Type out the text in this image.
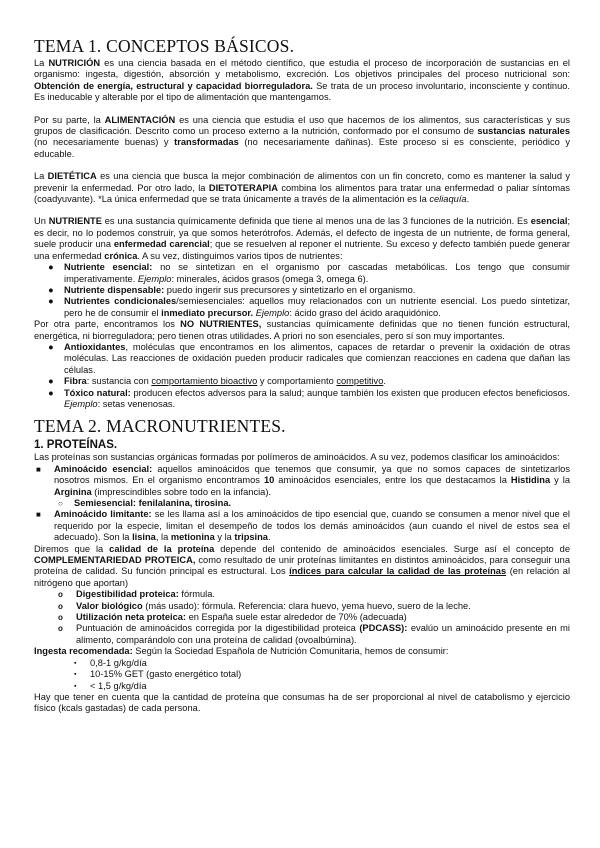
TEMA 1. CONCEPTOS BÁSICOS.

La NUTRICIÓN es una ciencia basada en el método científico, que estudia el proceso de incorporación de sustancias en el organismo: ingesta, digestión, absorción y metabolismo, excreción. Los objetivos principales del proceso nutricional son: Obtención de energía, estructural y capacidad biorreguladora. Se trata de un proceso involuntario, inconsciente y continuo. Es ineducable y alterable por el tipo de alimentación que mantengamos.

Por su parte, la ALIMENTACIÓN es una ciencia que estudia el uso que hacemos de los alimentos, sus características y sus grupos de clasificación. Descrito como un proceso externo a la nutrición, conformado por el consumo de sustancias naturales (no necesariamente buenas) y transformadas (no necesariamente dañinas). Este proceso si es consciente, periódico y educable.

La DIETÉTICA es una ciencia que busca la mejor combinación de alimentos con un fin concreto, como es mantener la salud y prevenir la enfermedad. Por otro lado, la DIETOTERAPIA combina los alimentos para tratar una enfermedad o paliar síntomas (coadyuvante). *La única enfermedad que se trata únicamente a través de la alimentación es la celiaquía.

Un NUTRIENTE es una sustancia químicamente definida que tiene al menos una de las 3 funciones de la nutrición. Es esencial; es decir, no lo podemos construir, ya que somos heterótrofos. Además, el defecto de ingesta de un nutriente, de forma general, suele producir una enfermedad carencial; que se resuelven al reponer el nutriente. Su exceso y defecto también puede generar una enfermedad crónica. A su vez, distinguimos varios tipos de nutrientes:

● Nutriente esencial: no se sintetizan en el organismo por cascadas metabólicas. Los tengo que consumir imperativamente. Ejemplo: minerales, ácidos grasos (omega 3, omega 6).
● Nutriente dispensable: puedo ingerir sus precursores y sintetizarlo en el organismo.
● Nutrientes condicionales/semiesenciales: aquellos muy relacionados con un nutriente esencial. Los puedo sintetizar, pero he de consumir el inmediato precursor. Ejemplo: ácido graso del ácido araquidónico.

Por otra parte, encontramos los NO NUTRIENTES, sustancias químicamente definidas que no tienen función estructural, energética, ni biorreguladora; pero tienen otras utilidades. A priori no son esenciales, pero sí son muy importantes.

● Antioxidantes, moléculas que encontramos en los alimentos, capaces de retardar o prevenir la oxidación de otras moléculas. Las reacciones de oxidación pueden producir radicales que comienzan reacciones en cadena que dañan las células.
● Fibra: sustancia con comportamiento bioactivo y comportamiento competitivo.
● Tóxico natural: producen efectos adversos para la salud; aunque también los existen que producen efectos beneficiosos. Ejemplo: setas venenosas.
TEMA 2. MACRONUTRIENTES.
1. PROTEÍNAS.

Las proteínas son sustancias orgánicas formadas por polímeros de aminoácidos. A su vez, podemos clasificar los aminoácidos:

■ Aminoácido esencial: aquellos aminoácidos que tenemos que consumir, ya que no somos capaces de sintetizarlos nosotros mismos. En el organismo encontramos 10 aminoácidos esenciales, entre los que destacamos la Histidina y la Arginina (imprescindibles sobre todo en la infancia).
○ Semiesencial: fenilalanina, tirosina.
■ Aminoácido limitante: se les llama así a los aminoácidos de tipo esencial que, cuando se consumen a menor nivel que el requerido por la especie, limitan el desempeño de todos los demás aminoácidos (aun cuando el nivel de estos sea el adecuado). Son la lisina, la metionina y la tripsina.

Diremos que la calidad de la proteína depende del contenido de aminoácidos esenciales. Surge así el concepto de COMPLEMENTARIEDAD PROTEICA, como resultado de unir proteínas limitantes en distintos aminoácidos, para conseguir una proteína de calidad. Su función principal es estructural. Los índices para calcular la calidad de las proteínas (en relación al nitrógeno que aportan)

o Digestibilidad proteica: fórmula.
o Valor biológico (más usado): fórmula. Referencia: clara huevo, yema huevo, suero de la leche.
o Utilización neta proteica: en España suele estar alrededor de 70% (adecuada)
o Puntuación de aminoácidos corregida por la digestibilidad proteica (PDCASS): evalúo un aminoácido presente en mi alimento, comparándolo con una proteína de calidad (ovoalbúmina).

Ingesta recomendada: Según la Sociedad Española de Nutrición Comunitaria, hemos de consumir:

▪ 0,8-1 g/kg/día
▪ 10-15% GET (gasto energético total)
▪ < 1,5 g/kg/día

Hay que tener en cuenta que la cantidad de proteína que consumas ha de ser proporcional al nivel de catabolismo y ejercicio físico (kcals gastadas) de cada persona.
